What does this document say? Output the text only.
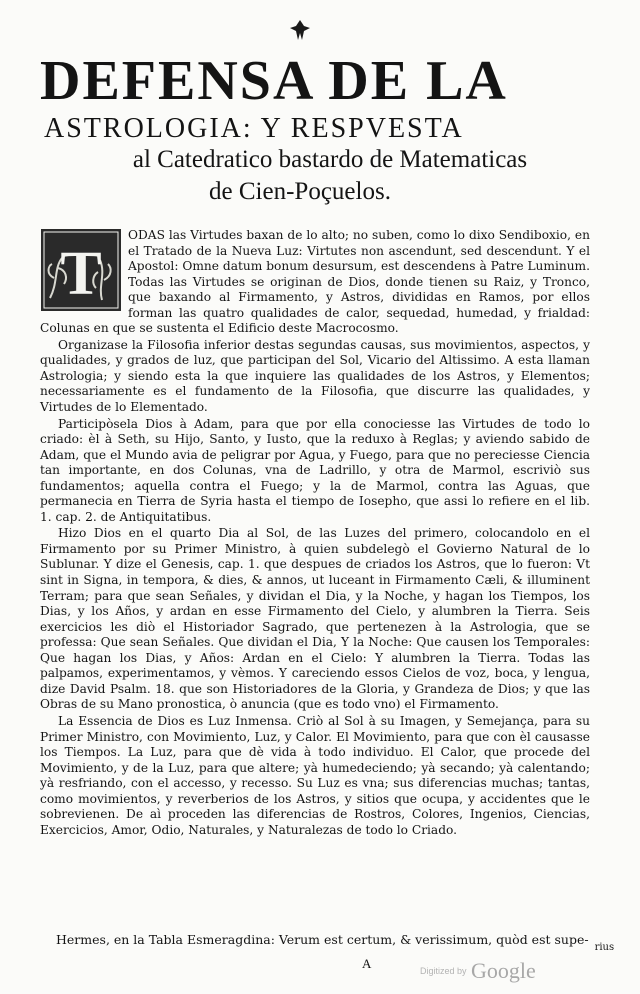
DEFENSA DE LA
ASTROLOGIA: Y RESPVESTA
al Catedratico bastardo de Matematicas
de Cien-Poçuelos.

T
ODAS las Virtudes baxan de lo alto; no suben, como lo dixo Sendiboxio, en el Tratado de la Nueva Luz: Virtutes non ascendunt, sed descendunt. Y el Apostol: Omne datum bonum desursum, est descendens à Patre Luminum. Todas las Virtudes se originan de Dios, donde tienen su Raiz, y Tronco, que baxando al Firmamento, y Astros, divididas en Ramos, por ellos forman las quatro qualidades de calor, sequedad, humedad, y frialdad: Colunas en que se sustenta el Edificio deste Macrocosmo.

Organizase la Filosofia inferior destas segundas causas, sus movimientos, aspectos, y qualidades, y grados de luz, que participan del Sol, Vicario del Altissimo. A esta llaman Astrologia; y siendo esta la que inquiere las qualidades de los Astros, y Elementos; necessariamente es el fundamento de la Filosofia, que discurre las qualidades, y Virtudes de lo Elementado.

Participòsela Dios à Adam, para que por ella conociesse las Virtudes de todo lo criado: èl à Seth, su Hijo, Santo, y Iusto, que la reduxo à Reglas; y aviendo sabido de Adam, que el Mundo avia de peligrar por Agua, y Fuego, para que no pereciesse Ciencia tan importante, en dos Colunas, vna de Ladrillo, y otra de Marmol, escriviò sus fundamentos; aquella contra el Fuego; y la de Marmol, contra las Aguas, que permanecia en Tierra de Syria hasta el tiempo de Iosepho, que assi lo refiere en el lib. 1. cap. 2. de Antiquitatibus.

Hizo Dios en el quarto Dia al Sol, de las Luzes del primero, colocandolo en el Firmamento por su Primer Ministro, à quien subdelegò el Govierno Natural de lo Sublunar. Y dize el Genesis, cap. 1. que despues de criados los Astros, que lo fueron: Vt sint in Signa, in tempora, & dies, & annos, ut luceant in Firmamento Cæli, & illuminent Terram; para que sean Señales, y dividan el Dia, y la Noche, y hagan los Tiempos, los Dias, y los Años, y ardan en esse Firmamento del Cielo, y alumbren la Tierra. Seis exercicios les diò el Historiador Sagrado, que pertenezen à la Astrologia, que se professa: Que sean Señales. Que dividan el Dia, Y la Noche: Que causen los Temporales: Que hagan los Dias, y Años: Ardan en el Cielo: Y alumbren la Tierra. Todas las palpamos, experimentamos, y vèmos. Y careciendo essos Cielos de voz, boca, y lengua, dize David Psalm. 18. que son Historiadores de la Gloria, y Grandeza de Dios; y que las Obras de su Mano pronostica, ò anuncia (que es todo vno) el Firmamento.

La Essencia de Dios es Luz Inmensa. Criò al Sol à su Imagen, y Semejança, para su Primer Ministro, con Movimiento, Luz, y Calor. El Movimiento, para que con èl causasse los Tiempos. La Luz, para que dè vida à todo individuo. El Calor, que procede del Movimiento, y de la Luz, para que altere; yà humedeciendo; yà secando; yà calentando; yà resfriando, con el accesso, y recesso. Su Luz es vna; sus diferencias muchas; tantas, como movimientos, y reverberios de los Astros, y sitios que ocupa, y accidentes que le sobrevienen. De aì proceden las diferencias de Rostros, Colores, Ingenios, Ciencias, Exercicios, Amor, Odio, Naturales, y Naturalezas de todo lo Criado.

Hermes, en la Tabla Esmeragdina: Verum est certum, & verissimum, quòd est supe- $_{rius}$
A	Digitized by Google
